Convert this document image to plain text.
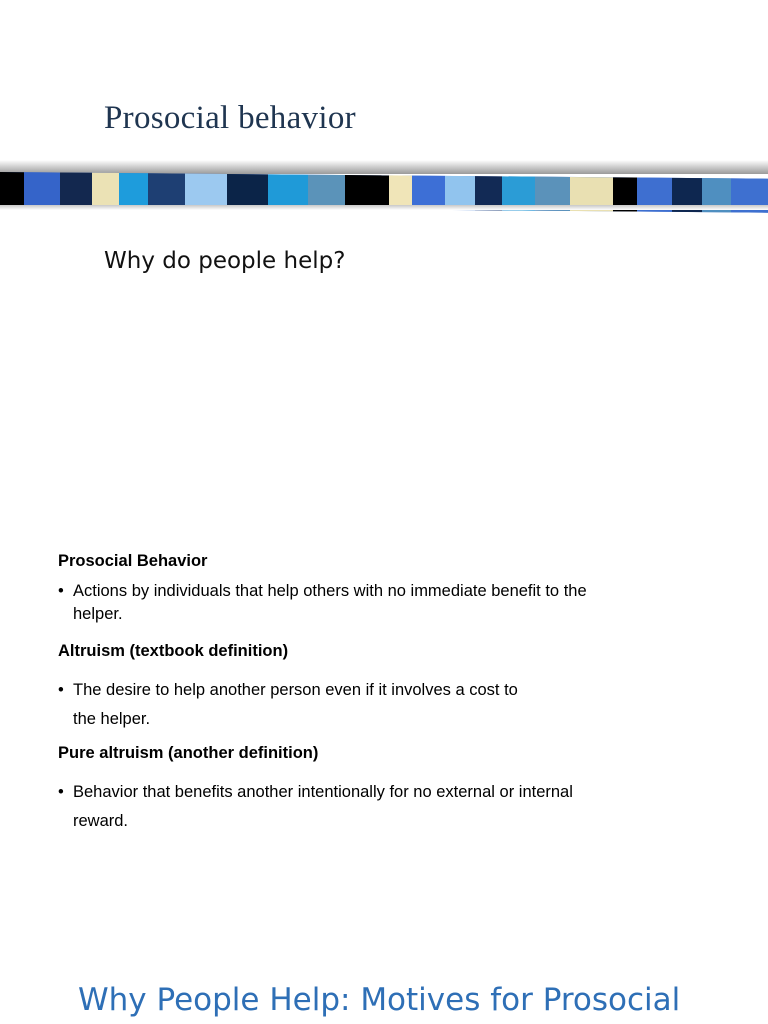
Prosocial behavior
Why do people help?

Prosocial Behavior

• Actions by individuals that help others with no immediate benefit to the
helper.

Altruism (textbook definition)

• The desire to help another person even if it involves a cost to
the helper.

Pure altruism (another definition)

• Behavior that benefits another intentionally for no external or internal
reward.

Why People Help: Motives for Prosocial
